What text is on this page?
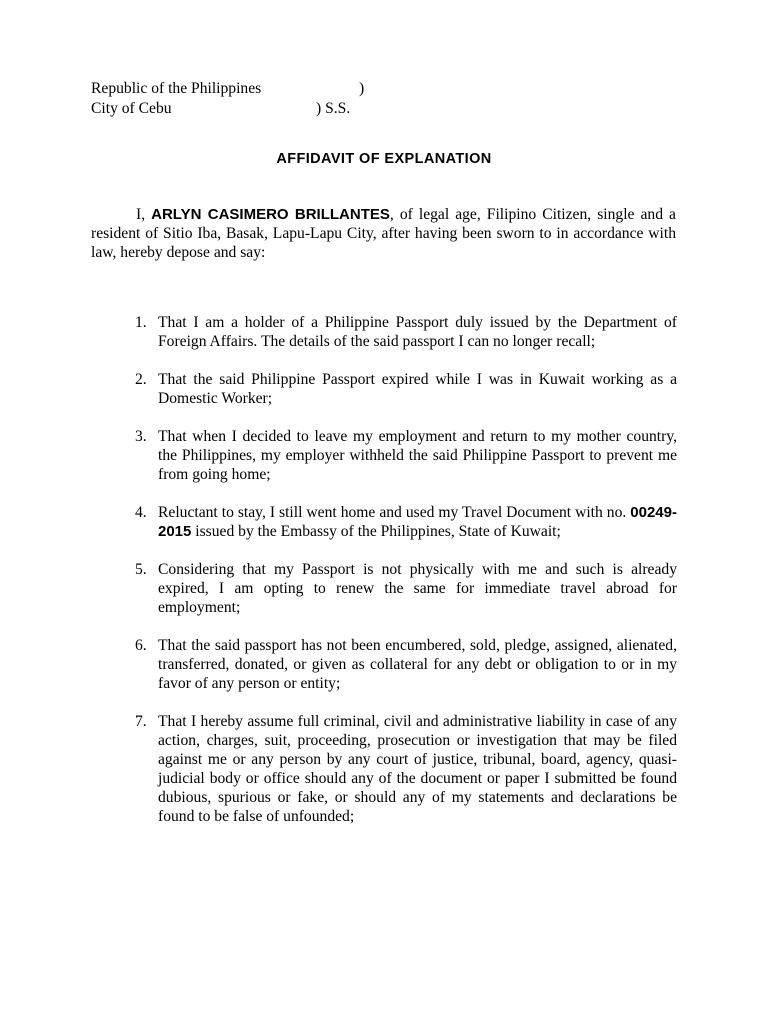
Republic of the Philippines	)
City of Cebu	) S.S.
AFFIDAVIT OF EXPLANATION

I, ARLYN CASIMERO BRILLANTES, of legal age, Filipino Citizen, single and a resident of Sitio Iba, Basak, Lapu-Lapu City, after having been sworn to in accordance with law, hereby depose and say:

1. That I am a holder of a Philippine Passport duly issued by the Department of Foreign Affairs. The details of the said passport I can no longer recall;
2. That the said Philippine Passport expired while I was in Kuwait working as a Domestic Worker;
3. That when I decided to leave my employment and return to my mother country, the Philippines, my employer withheld the said Philippine Passport to prevent me from going home;
4. Reluctant to stay, I still went home and used my Travel Document with no. 00249-2015 issued by the Embassy of the Philippines, State of Kuwait;
5. Considering that my Passport is not physically with me and such is already expired, I am opting to renew the same for immediate travel abroad for employment;
6. That the said passport has not been encumbered, sold, pledge, assigned, alienated, transferred, donated, or given as collateral for any debt or obligation to or in my favor of any person or entity;
7. That I hereby assume full criminal, civil and administrative liability in case of any action, charges, suit, proceeding, prosecution or investigation that may be filed against me or any person by any court of justice, tribunal, board, agency, quasi-judicial body or office should any of the document or paper I submitted be found dubious, spurious or fake, or should any of my statements and declarations be found to be false of unfounded;
